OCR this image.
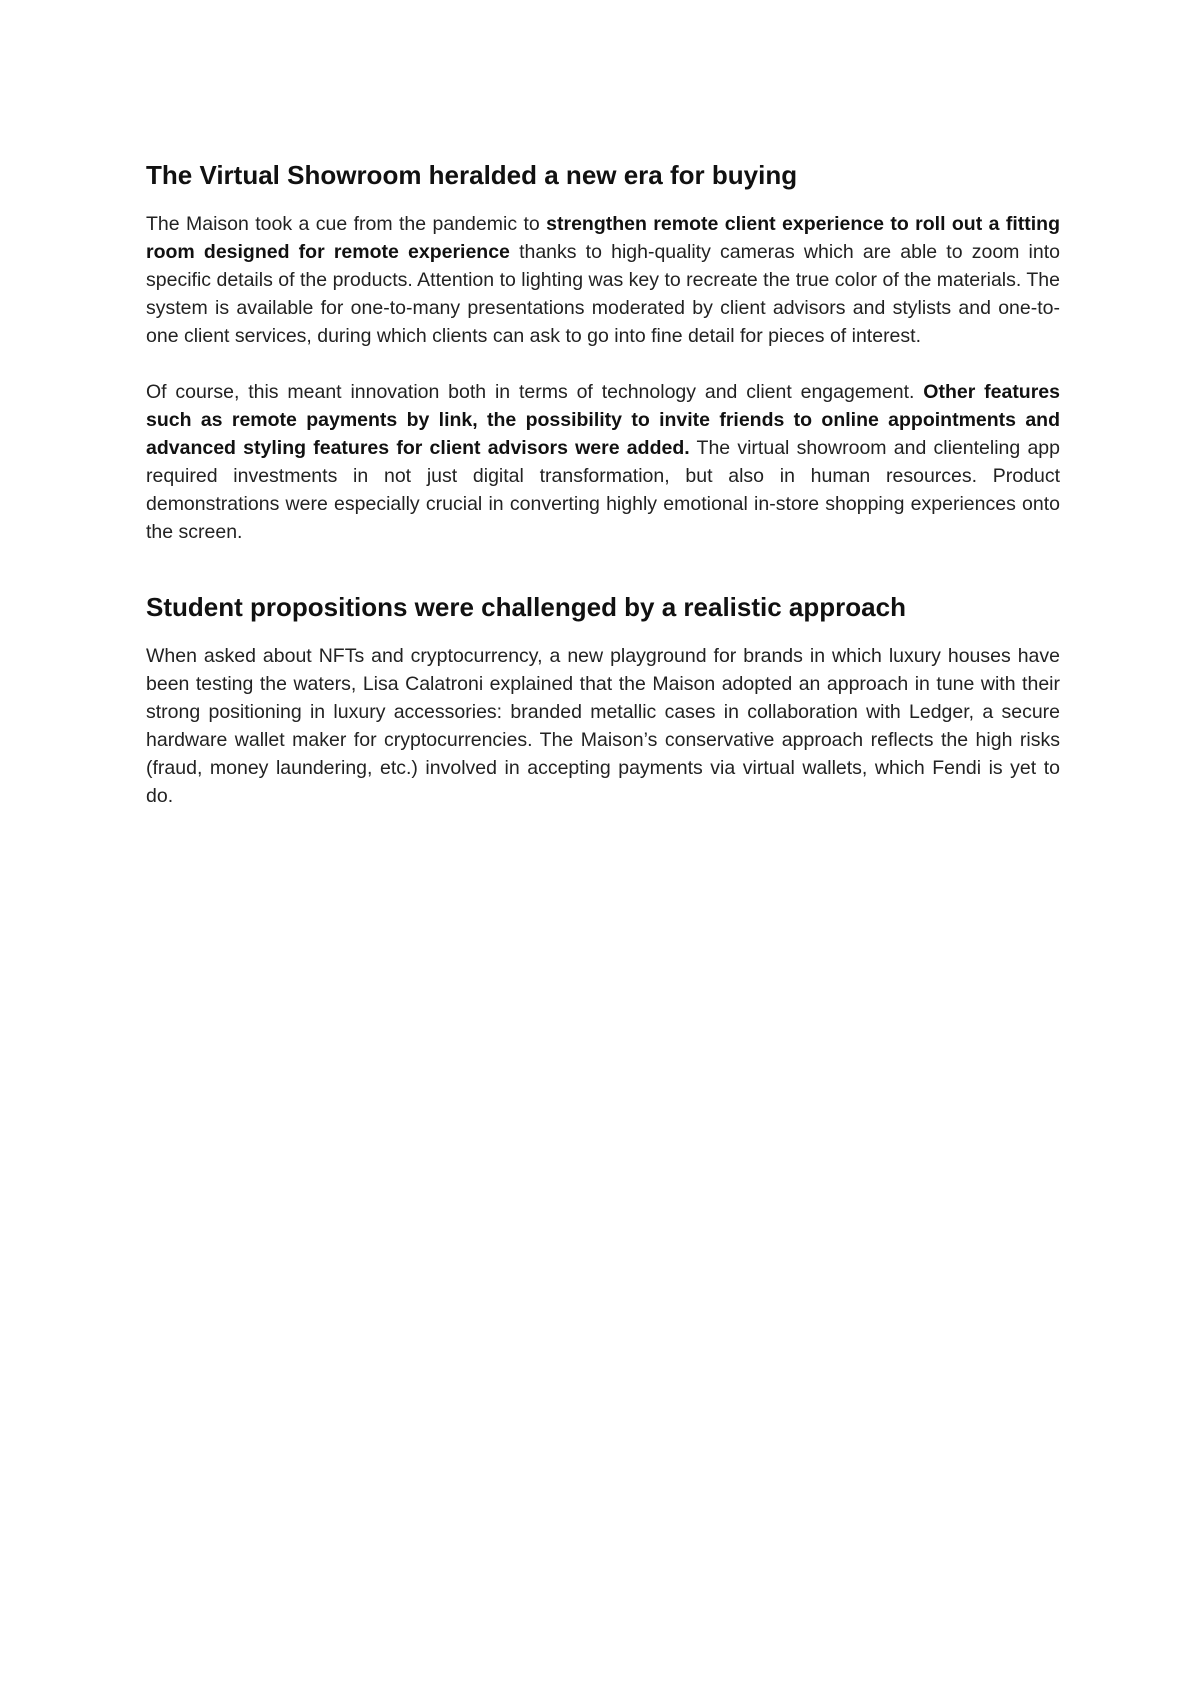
The Virtual Showroom heralded a new era for buying

The Maison took a cue from the pandemic to strengthen remote client experience to roll out a fitting room designed for remote experience thanks to high-quality cameras which are able to zoom into specific details of the products. Attention to lighting was key to recreate the true color of the materials. The system is available for one-to-many presentations moderated by client advisors and stylists and one-to-one client services, during which clients can ask to go into fine detail for pieces of interest.

Of course, this meant innovation both in terms of technology and client engagement. Other features such as remote payments by link, the possibility to invite friends to online appointments and advanced styling features for client advisors were added. The virtual showroom and clienteling app required investments in not just digital transformation, but also in human resources. Product demonstrations were especially crucial in converting highly emotional in-store shopping experiences onto the screen.

Student propositions were challenged by a realistic approach

When asked about NFTs and cryptocurrency, a new playground for brands in which luxury houses have been testing the waters, Lisa Calatroni explained that the Maison adopted an approach in tune with their strong positioning in luxury accessories: branded metallic cases in collaboration with Ledger, a secure hardware wallet maker for cryptocurrencies. The Maison’s conservative approach reflects the high risks (fraud, money laundering, etc.) involved in accepting payments via virtual wallets, which Fendi is yet to do.
